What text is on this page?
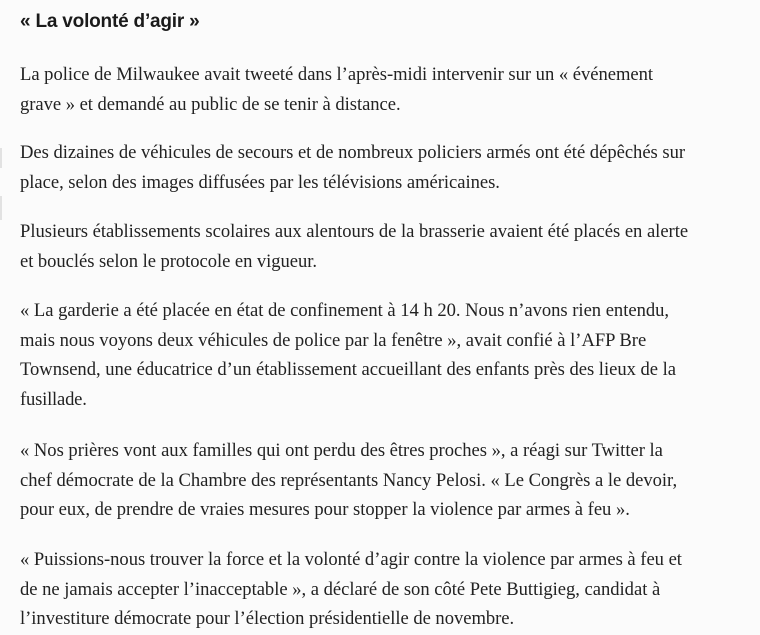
« La volonté d’agir »

La police de Milwaukee avait tweeté dans l’après-midi intervenir sur un « événement
grave » et demandé au public de se tenir à distance.

Des dizaines de véhicules de secours et de nombreux policiers armés ont été dépêchés sur
place, selon des images diffusées par les télévisions américaines.

Plusieurs établissements scolaires aux alentours de la brasserie avaient été placés en alerte
et bouclés selon le protocole en vigueur.

« La garderie a été placée en état de confinement à 14 h 20. Nous n’avons rien entendu,
mais nous voyons deux véhicules de police par la fenêtre », avait confié à l’AFP Bre
Townsend, une éducatrice d’un établissement accueillant des enfants près des lieux de la
fusillade.

« Nos prières vont aux familles qui ont perdu des êtres proches », a réagi sur Twitter la
chef démocrate de la Chambre des représentants Nancy Pelosi. « Le Congrès a le devoir,
pour eux, de prendre de vraies mesures pour stopper la violence par armes à feu ».

« Puissions-nous trouver la force et la volonté d’agir contre la violence par armes à feu et
de ne jamais accepter l’inacceptable », a déclaré de son côté Pete Buttigieg, candidat à
l’investiture démocrate pour l’élection présidentielle de novembre.
